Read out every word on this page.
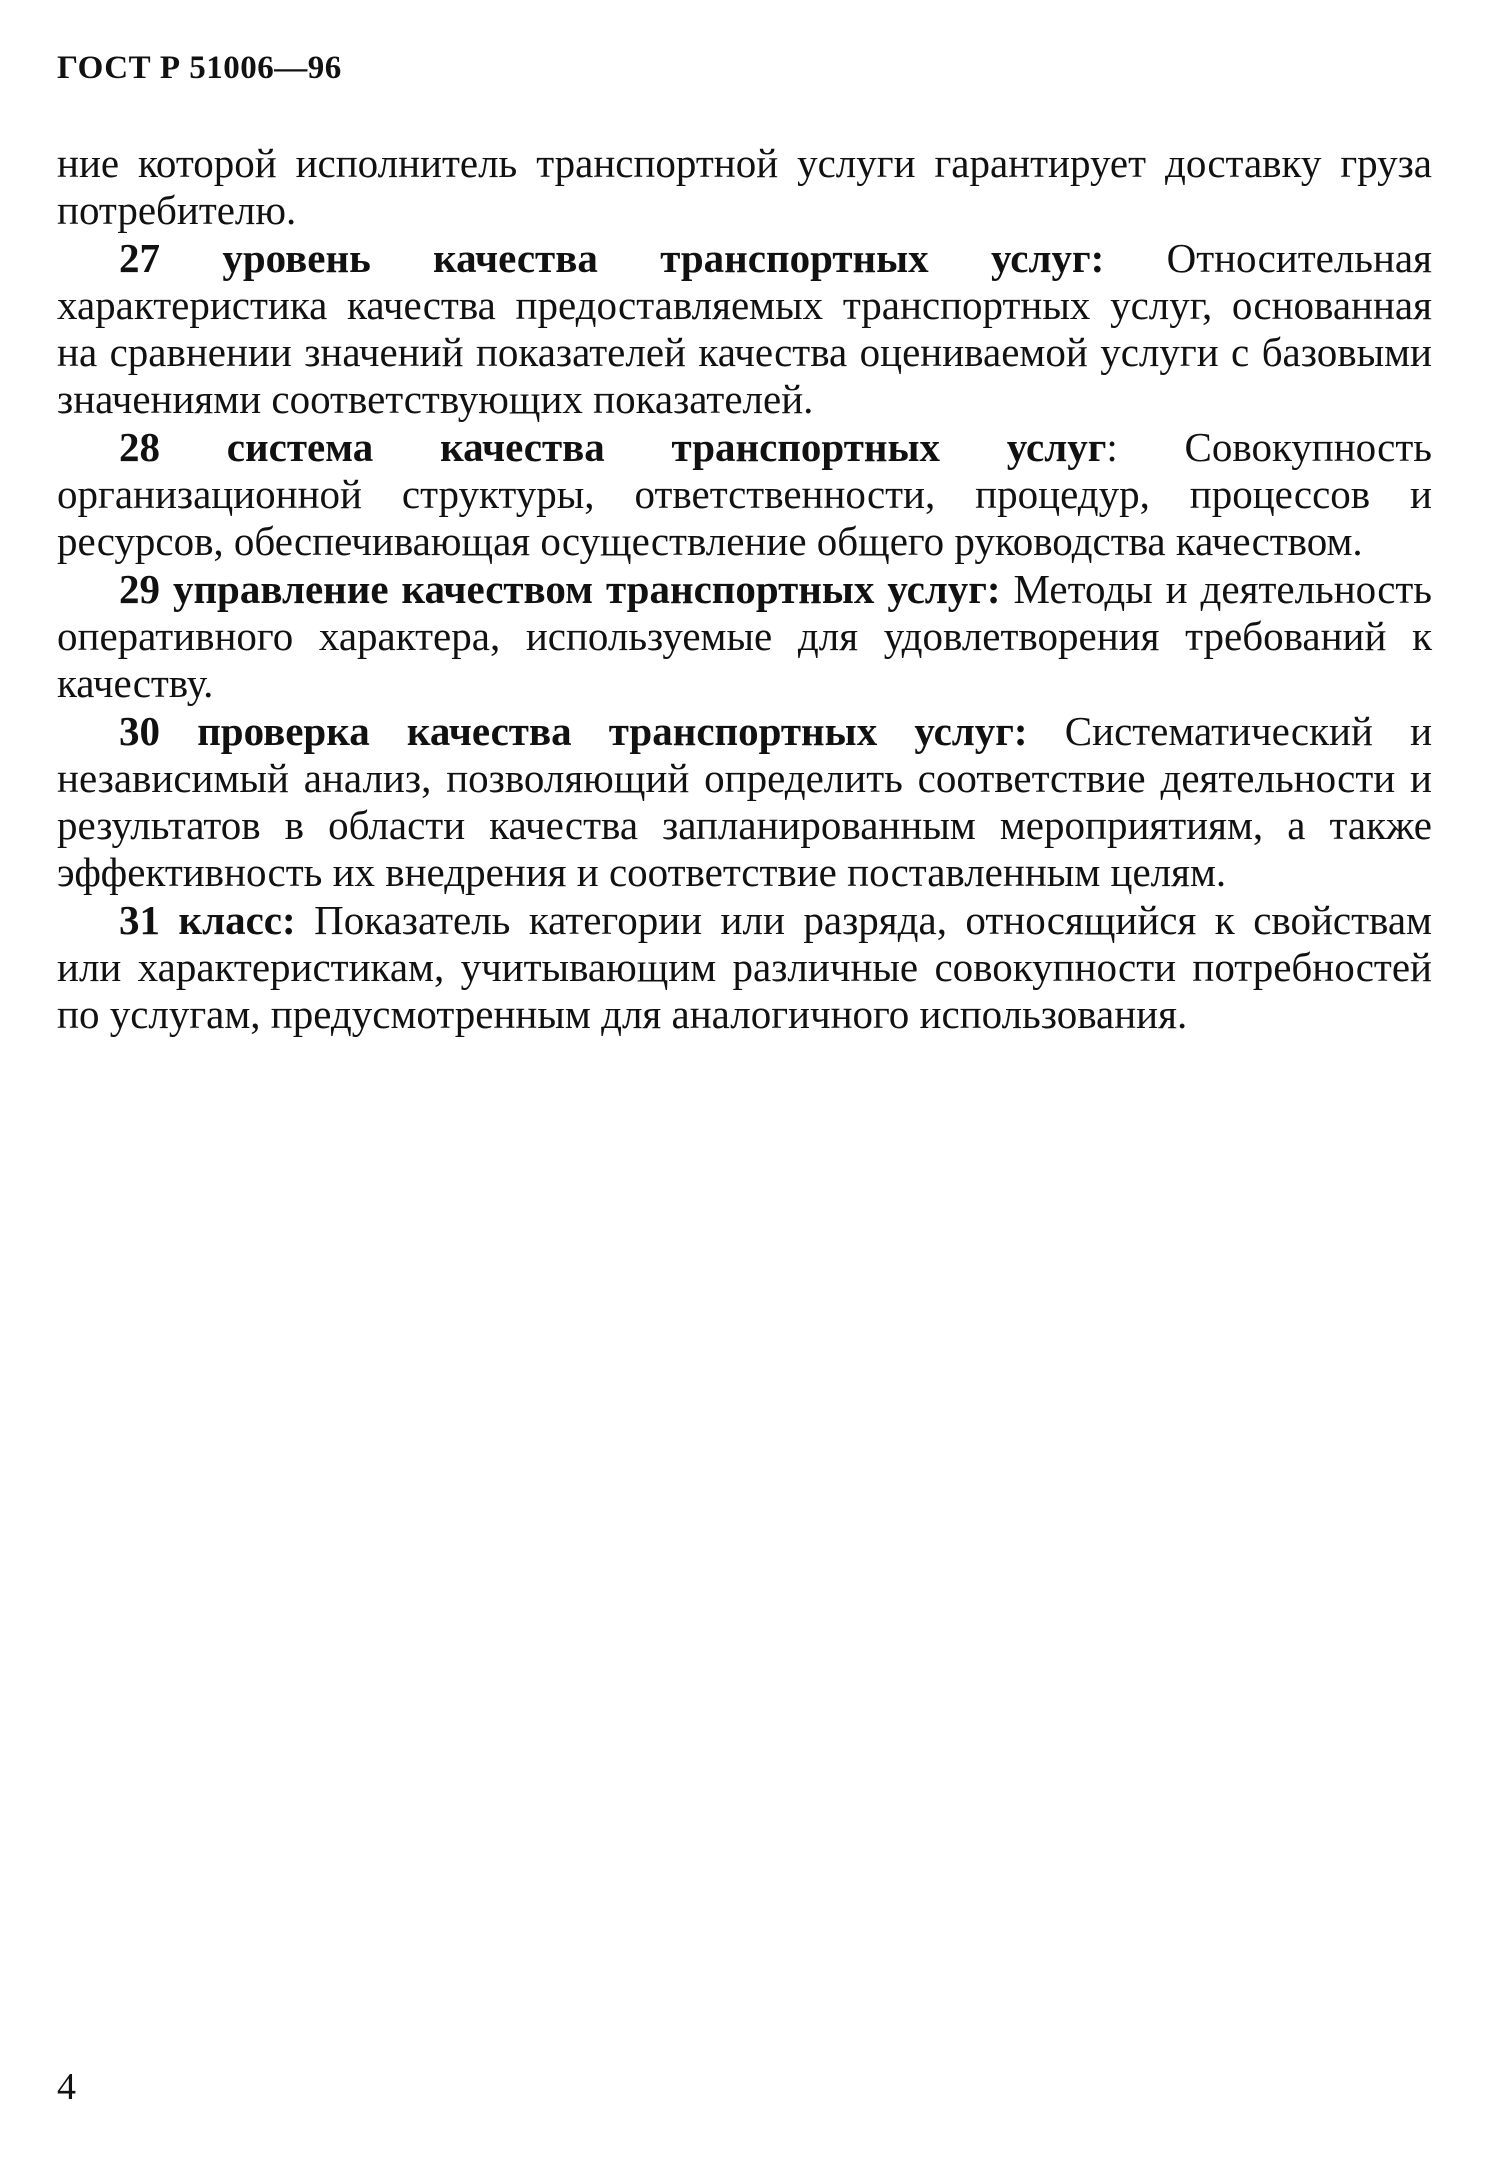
ГОСТ Р 51006—96

ние которой исполнитель транспортной услуги гарантирует доставку груза потребителю.

27 уровень качества транспортных услуг: Относительная характеристика качества предоставляемых транспортных услуг, основанная на сравнении значений показателей качества оцениваемой услуги с базовыми значениями соответствующих показателей.

28 система качества транспортных услуг: Совокупность организационной структуры, ответственности, процедур, процессов и ресурсов, обеспечивающая осуществление общего руководства качеством.

29 управление качеством транспортных услуг: Методы и деятельность оперативного характера, используемые для удовлетворения требований к качеству.

30 проверка качества транспортных услуг: Систематический и независимый анализ, позволяющий определить соответствие деятельности и результатов в области качества запланированным мероприятиям, а также эффективность их внедрения и соответствие поставленным целям.

31 класс: Показатель категории или разряда, относящийся к свойствам или характеристикам, учитывающим различные совокупности потребностей по услугам, предусмотренным для аналогичного использования.

4
